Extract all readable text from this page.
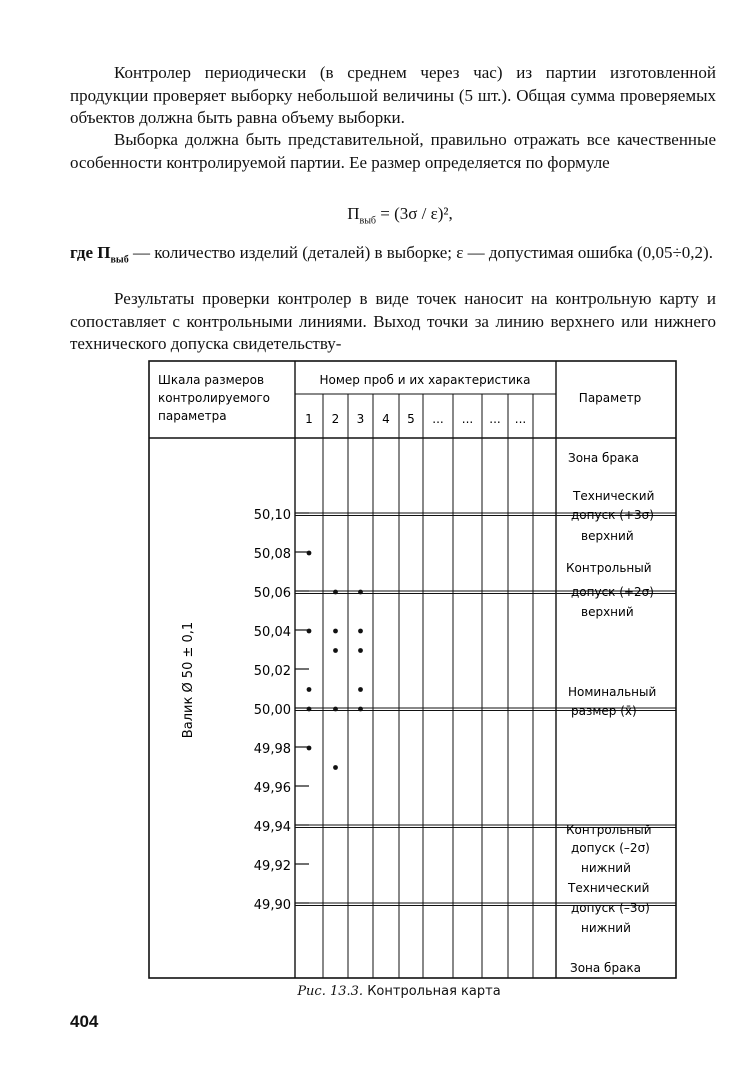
Контролер периодически (в среднем через час) из партии изготовленной продукции проверяет выборку небольшой величины (5 шт.). Общая сумма проверяемых объектов должна быть равна объему выборки.

Выборка должна быть представительной, правильно отражать все качественные особенности контролируемой партии. Ее размер определяется по формуле

$П_{выб} = (3\sigma / \varepsilon)^2$,

где $П_{выб}$ — количество изделий (деталей) в выборке; ε — допустимая ошибка (0,05÷0,2).

Результаты проверки контролер в виде точек наносит на контрольную карту и сопоставляет с контрольными линиями. Выход точки за линию верхнего или нижнего технического допуска свидетельству-

Шкала размеров
контролируемого
параметра
Номер проб и их характеристика
Параметр
1 2 3 4 5 ... ... ... ...
Валик Ø 50 ± 0,1
50,10
50,08
50,06
50,04
50,02
50,00
49,98
49,96
49,94
49,92
49,90
Зона брака
Технический
допуск (+3σ)
верхний
Контрольный
допуск (+2σ)
верхний
Номинальный
размер (x̄)
Контрольный
допуск (–2σ)
нижний
Технический
допуск (–3σ)
нижний
Зона брака
Рис. 13.3. Контрольная карта
404
